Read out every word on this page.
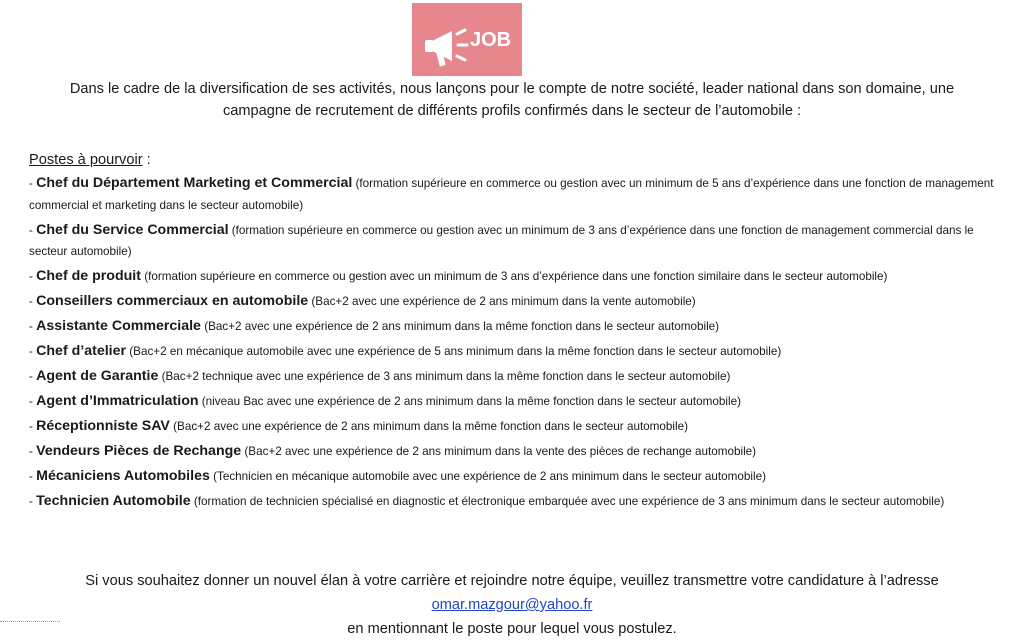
JOB
Dans le cadre de la diversification de ses activités, nous lançons pour le compte de notre société, leader national dans son domaine, une
campagne de recrutement de différents profils confirmés dans le secteur de l’automobile :
Postes à pourvoir :
- Chef du Département Marketing et Commercial (formation supérieure en commerce ou gestion avec un minimum de 5 ans d’expérience dans une fonction de management commercial et marketing dans le secteur automobile)
- Chef du Service Commercial (formation supérieure en commerce ou gestion avec un minimum de 3 ans d’expérience dans une fonction de management commercial dans le secteur automobile)
- Chef de produit (formation supérieure en commerce ou gestion avec un minimum de 3 ans d’expérience dans une fonction similaire dans le secteur automobile)
- Conseillers commerciaux en automobile (Bac+2 avec une expérience de 2 ans minimum dans la vente automobile)
- Assistante Commerciale (Bac+2 avec une expérience de 2 ans minimum dans la même fonction dans le secteur automobile)
- Chef d’atelier (Bac+2 en mécanique automobile avec une expérience de 5 ans minimum dans la même fonction dans le secteur automobile)
- Agent de Garantie (Bac+2 technique avec une expérience de 3 ans minimum dans la même fonction dans le secteur automobile)
- Agent d’Immatriculation (niveau Bac avec une expérience de 2 ans minimum dans la même fonction dans le secteur automobile)
- Réceptionniste SAV (Bac+2 avec une expérience de 2 ans minimum dans la même fonction dans le secteur automobile)
- Vendeurs Pièces de Rechange (Bac+2 avec une expérience de 2 ans minimum dans la vente des pièces de rechange automobile)
- Mécaniciens Automobiles (Technicien en mécanique automobile avec une expérience de 2 ans minimum dans le secteur automobile)
- Technicien Automobile (formation de technicien spécialisé en diagnostic et électronique embarquée avec une expérience de 3 ans minimum dans le secteur automobile)
Si vous souhaitez donner un nouvel élan à votre carrière et rejoindre notre équipe, veuillez transmettre votre candidature à l’adresse
omar.mazgour@yahoo.fr
en mentionnant le poste pour lequel vous postulez.
